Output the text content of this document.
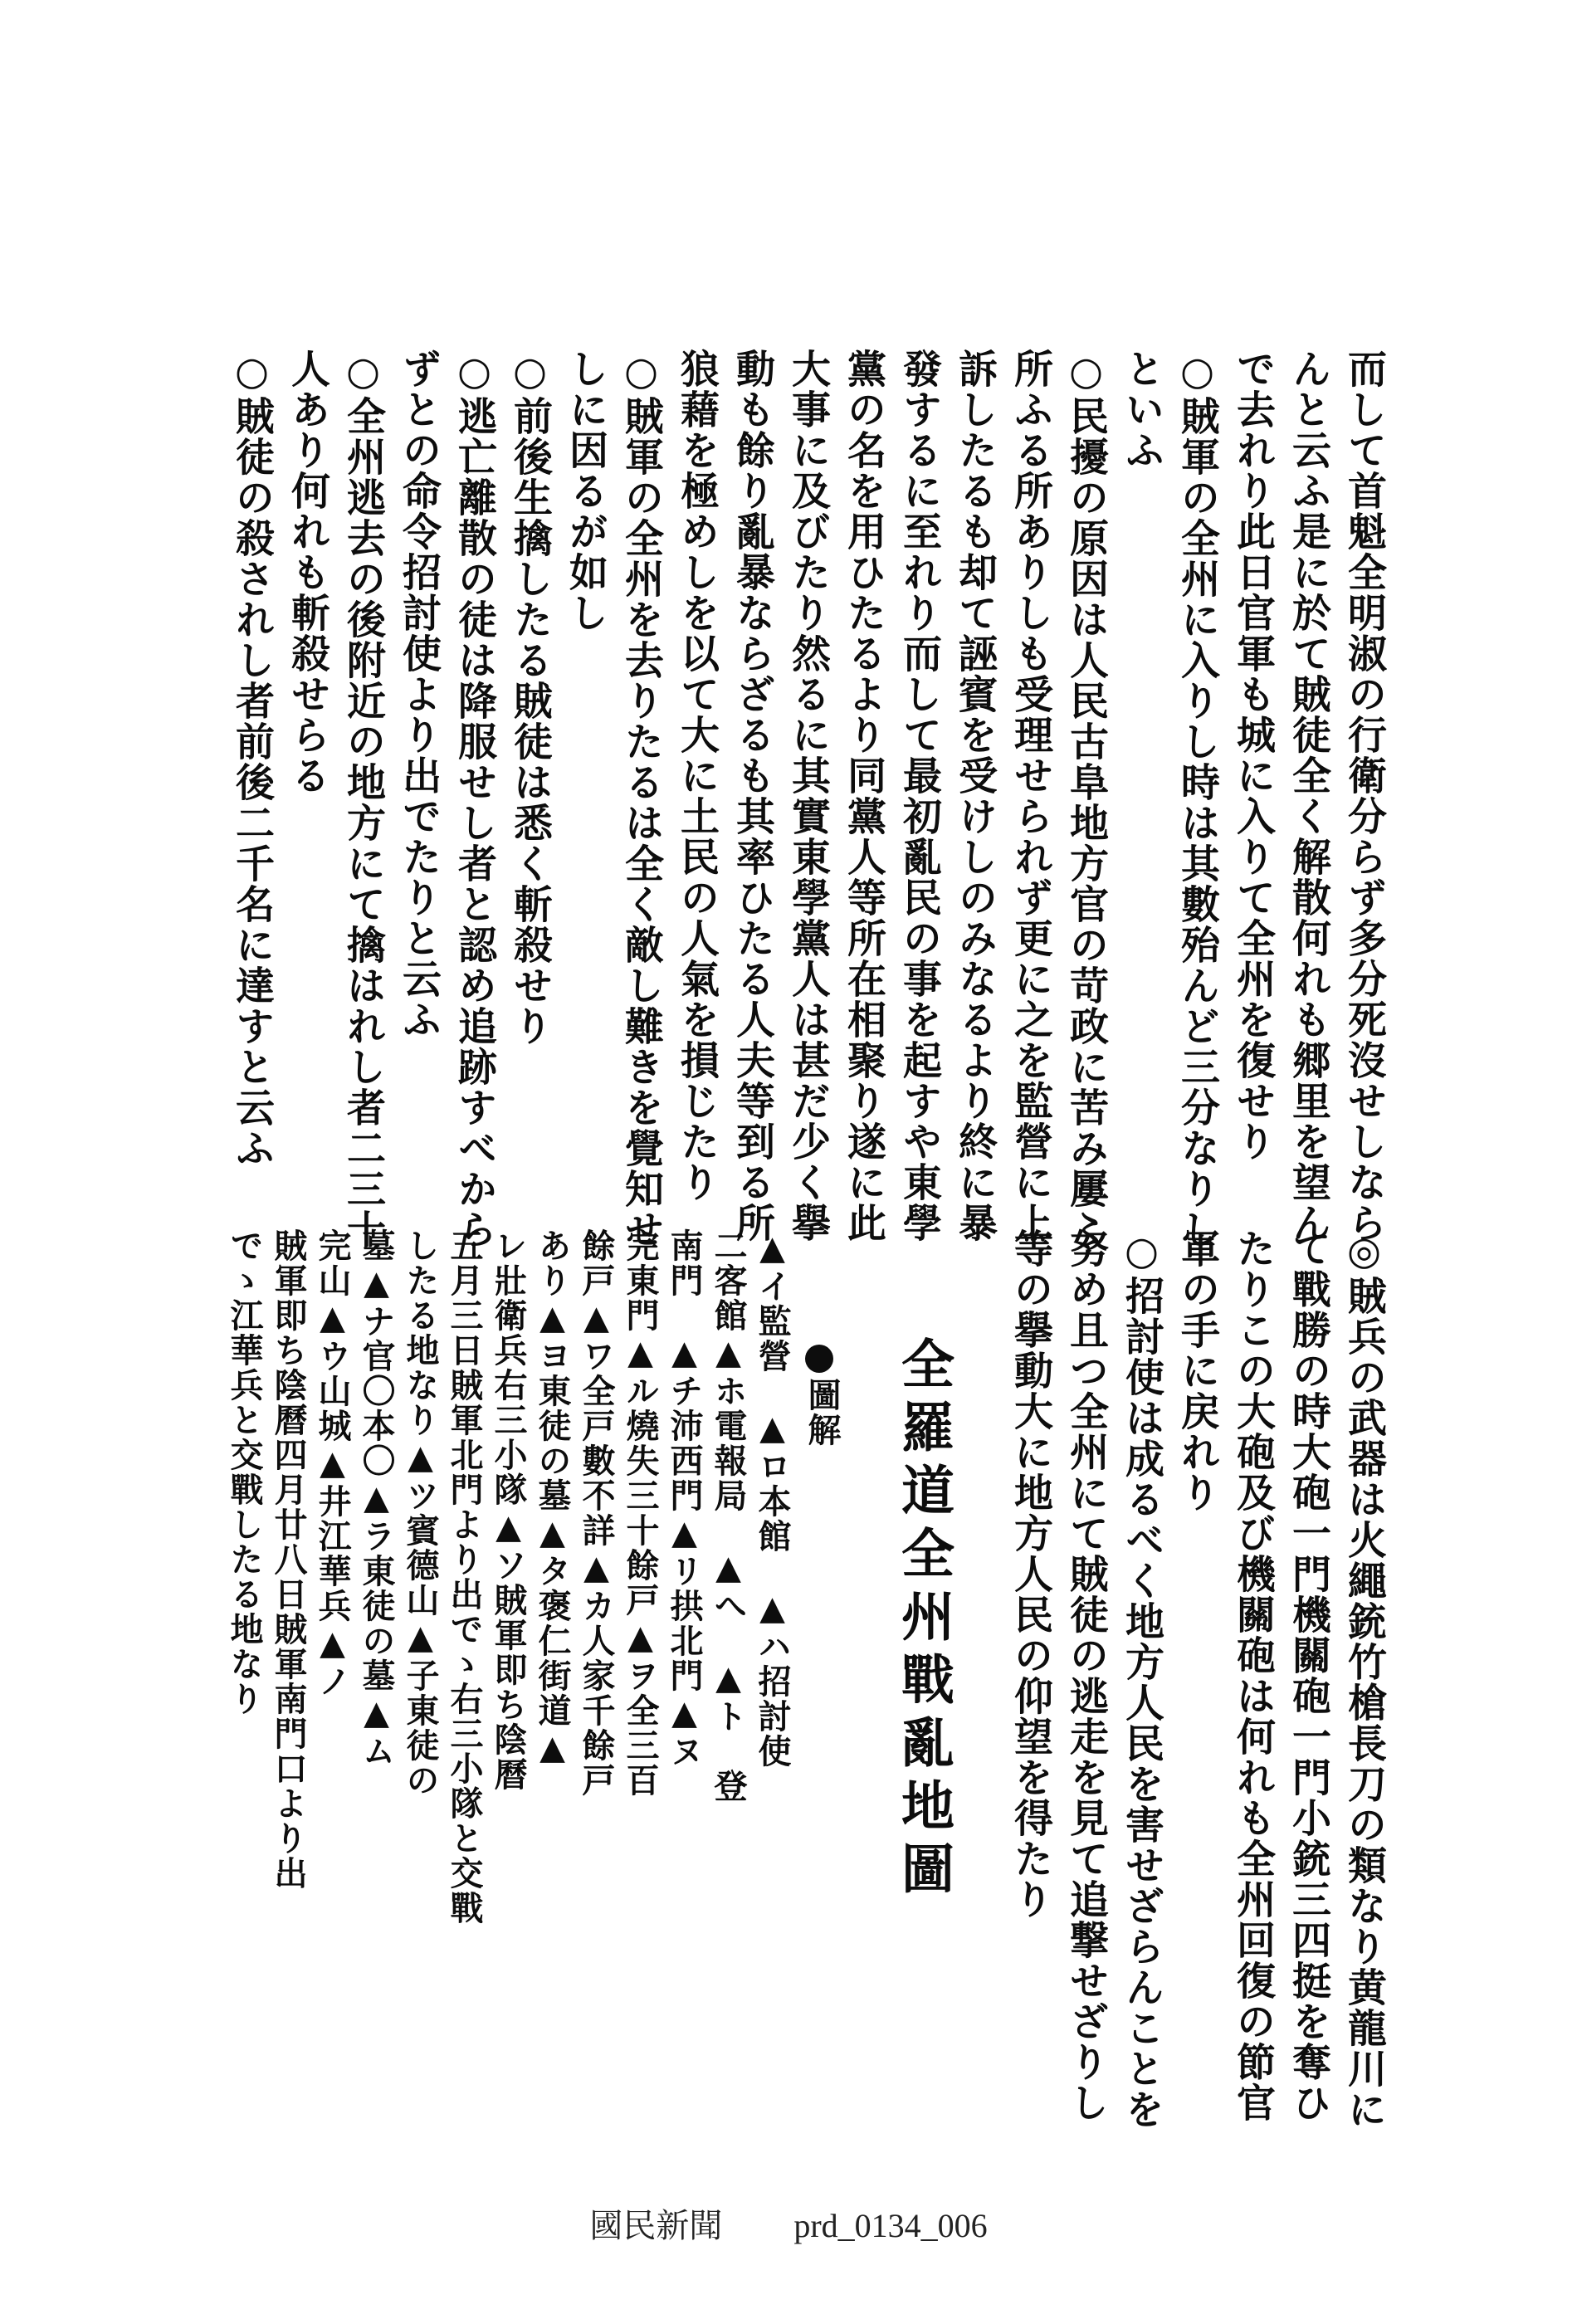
而して首魁全明淑の行衛分らず多分死沒せしなら
んと云ふ是に於て賊徒全く解散何れも郷里を望ん
で去れり此日官軍も城に入りて全州を復せり
○賊軍の全州に入りし時は其數殆んど三分なりし
といふ
○民擾の原因は人民古阜地方官の苛政に苦み屢〻
所ふる所ありしも受理せられず更に之を監營に上
訴したるも却て誣賓を受けしのみなるより終に暴
發するに至れり而して最初亂民の事を起すや東學
黨の名を用ひたるより同黨人等所在相聚り遂に此
大事に及びたり然るに其實東學黨人は甚だ少く擧
動も餘り亂暴ならざるも其率ひたる人夫等到る所
狼藉を極めしを以て大に土民の人氣を損じたり
○賊軍の全州を去りたるは全く敵し難きを覺知せ
しに因るが如し
○前後生擒したる賊徒は悉く斬殺せり
○逃亡離散の徒は降服せし者と認め追跡すべから
ずとの命令招討使より出でたりと云ふ
○全州逃去の後附近の地方にて擒はれし者二三十
人あり何れも斬殺せらる
○賊徒の殺されし者前後二千名に達すと云ふ
◎賊兵の武器は火繩銃竹槍長刀の類なり黄龍川に
て戰勝の時大砲一門機關砲一門小銃三四挺を奪ひ
たりこの大砲及び機關砲は何れも全州回復の節官
軍の手に戻れり
○招討使は成るべく地方人民を害せざらんことを
努め且つ全州にて賊徒の逃走を見て追撃せざりし
等の擧動大に地方人民の仰望を得たり
全羅道全州戰亂地圖
圖解
▲イ監營　▲ロ本館　▲ハ招討使
二客館▲ホ電報局　▲へ　▲ト　登
南門　▲チ沛西門▲リ拱北門▲ヌ
完東門▲ル燒失三十餘戸▲ヲ全三百
餘戸▲ワ全戸數不詳▲カ人家千餘戸
あり▲ヨ東徒の墓▲タ褒仁街道▲
レ壯衛兵右三小隊▲ソ賊軍即ち陰曆
五月三日賊軍北門より出でゝ右三小隊と交戰
したる地なり▲ツ賓德山▲子東徒の
墓▲ナ官〇本〇▲ラ東徒の墓▲ム
完山▲ウ山城▲井江華兵▲ノ
賊軍即ち陰曆四月廿八日賊軍南門口より出
でゝ江華兵と交戰したる地なり
國民新聞 prd_0134_006
